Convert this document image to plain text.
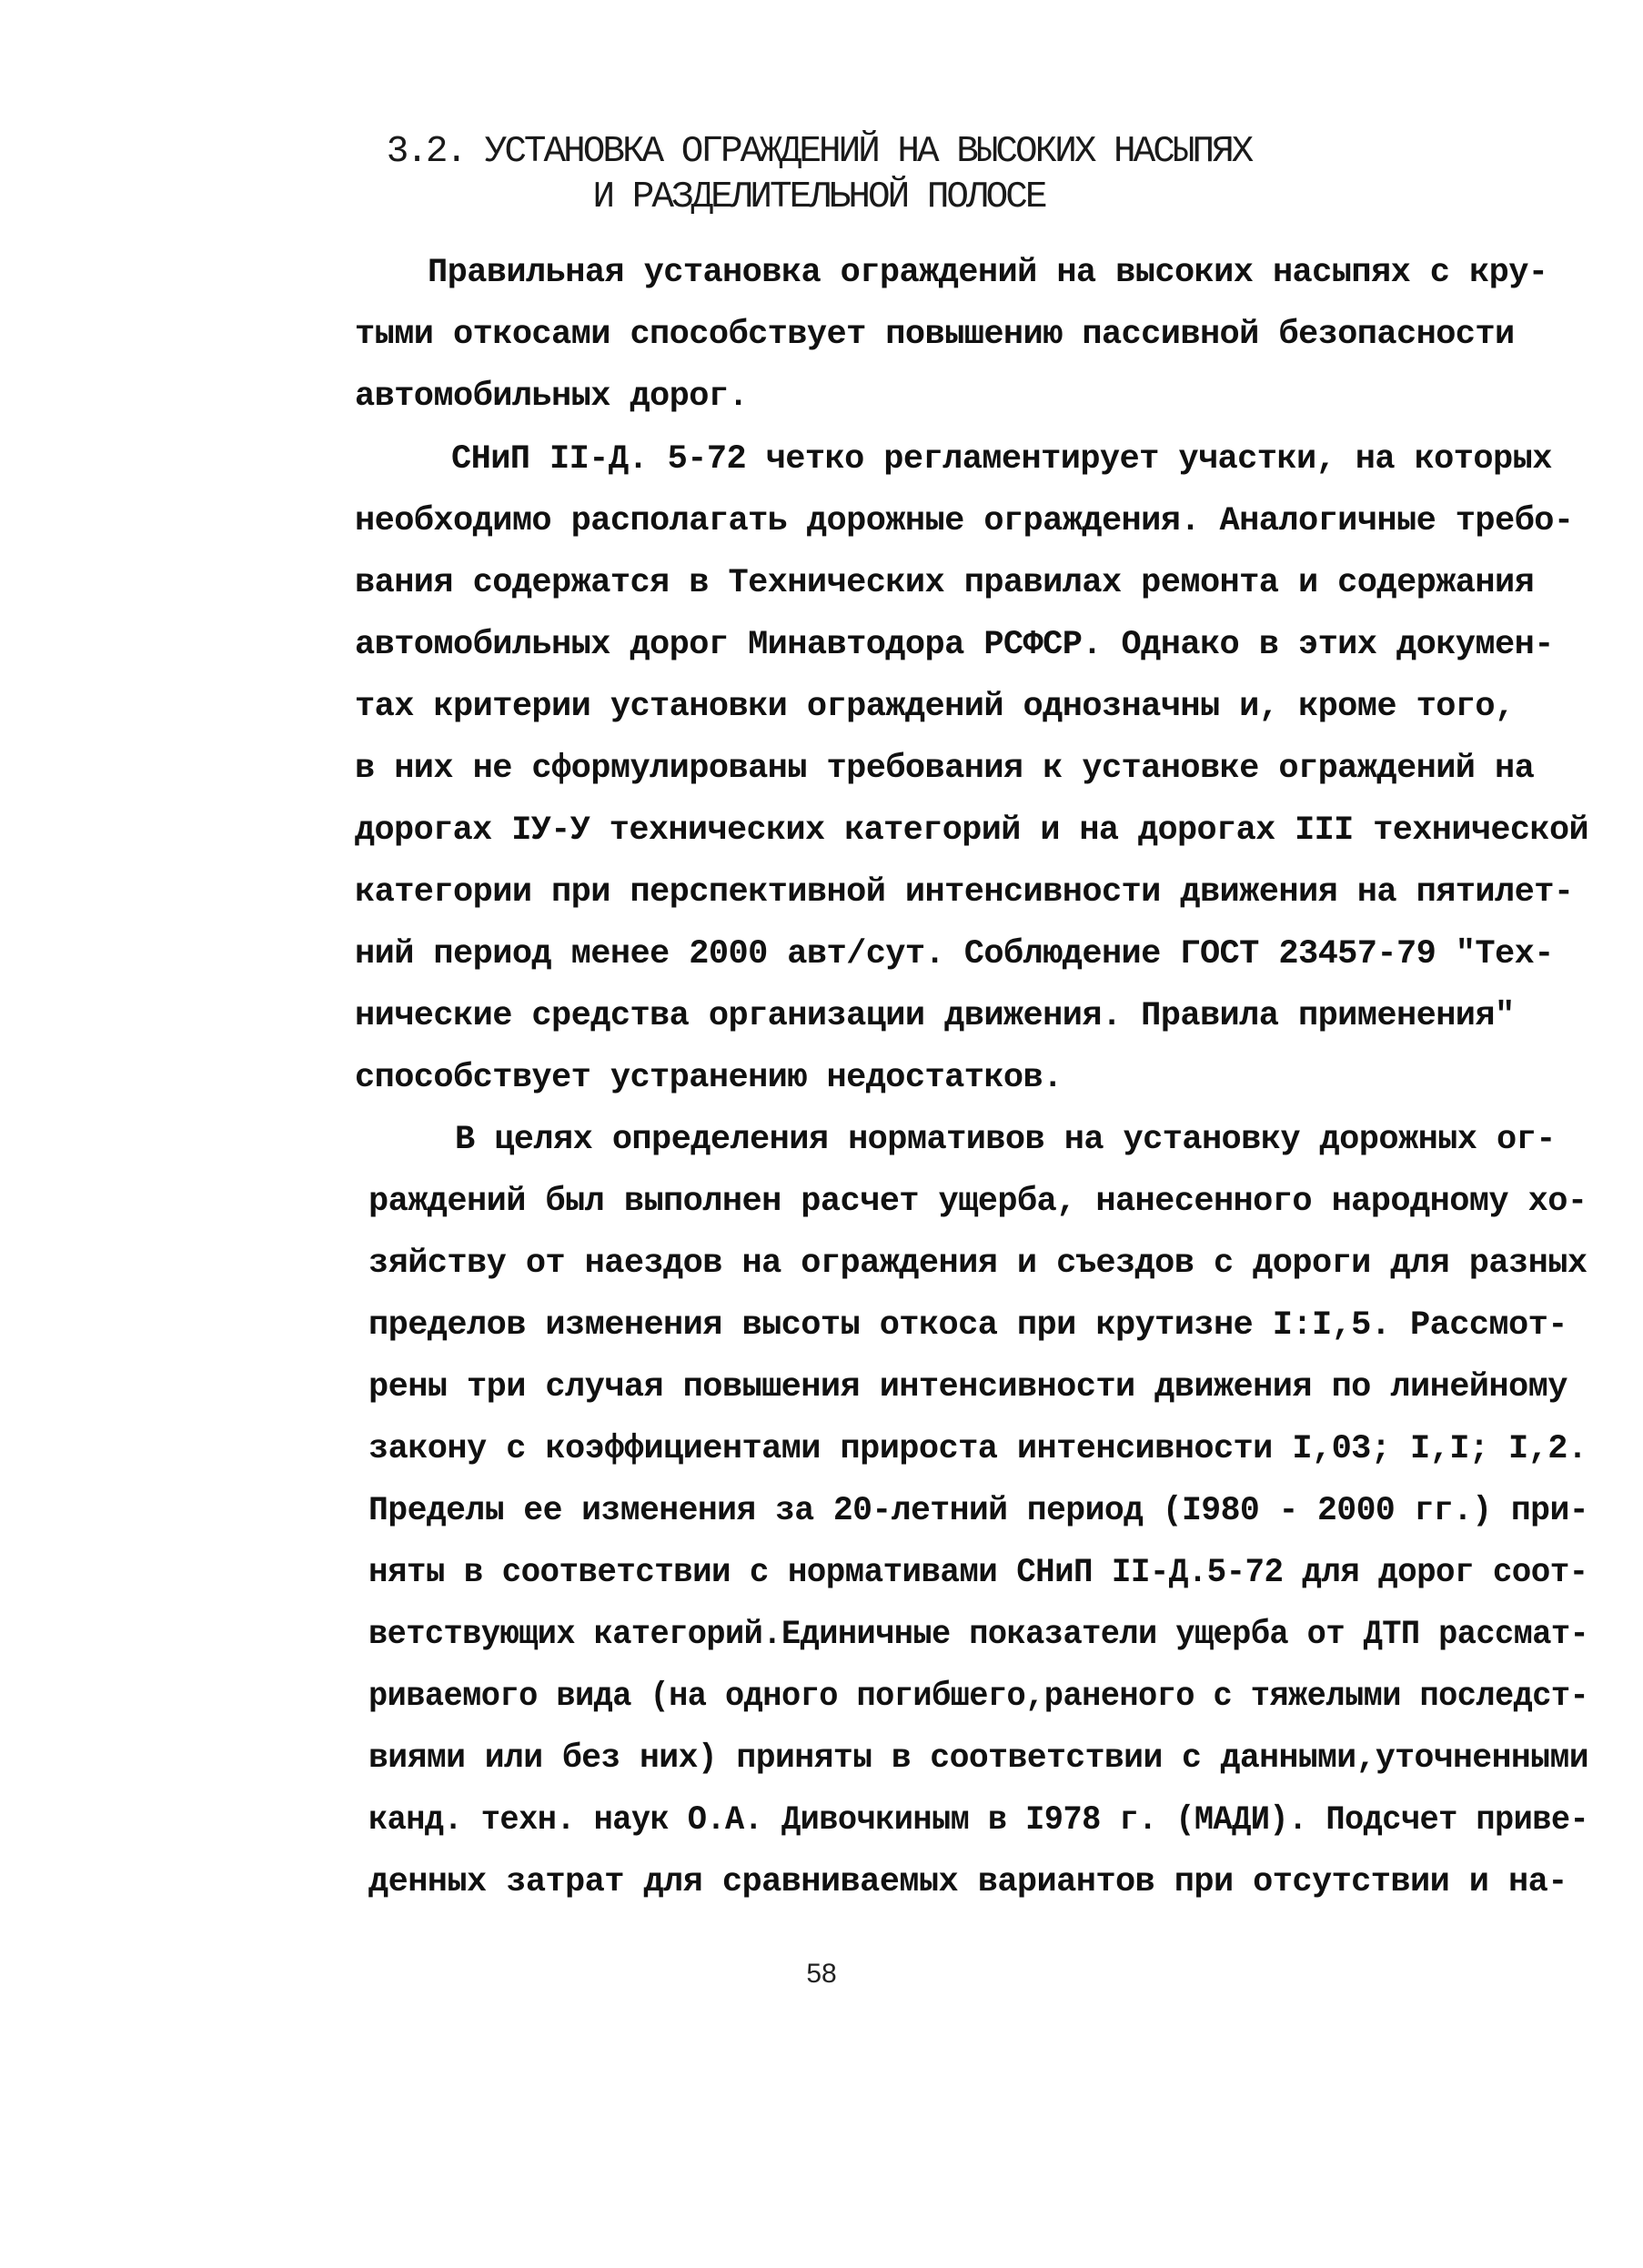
3.2. УСТАНОВКА ОГРАЖДЕНИЙ НА ВЫСОКИХ НАСЫПЯХ
И РАЗДЕЛИТЕЛЬНОЙ ПОЛОСЕ

Правильная установка ограждений на высоких насыпях с кру-

тыми откосами способствует повышению пассивной безопасности

автомобильных дорог.

СНиП II-Д. 5-72 четко регламентирует участки, на которых

необходимо располагать дорожные ограждения. Аналогичные требо-

вания содержатся в Технических правилах ремонта и содержания

автомобильных дорог Минавтодора РСФСР. Однако в этих докумен-

тах критерии установки ограждений однозначны и, кроме того,

в них не сформулированы требования к установке ограждений на

дорогах IУ-У технических категорий и на дорогах III технической

категории при перспективной интенсивности движения на пятилет-

ний период менее 2000 авт/сут. Соблюдение ГОСТ 23457-79 "Тех-

нические средства организации движения. Правила применения"

способствует устранению недостатков.

В целях определения нормативов на установку дорожных ог-

раждений был выполнен расчет ущерба, нанесенного народному хо-

зяйству от наездов на ограждения и съездов с дороги для разных

пределов изменения высоты откоса при крутизне I:I,5. Рассмот-

рены три случая повышения интенсивности движения по линейному

закону с коэффициентами прироста интенсивности I,03; I,I; I,2.

Пределы ее изменения за 20-летний период (I980 - 2000 гг.) при-

няты в соответствии с нормативами СНиП II-Д.5-72 для дорог соот-

ветствующих категорий.Единичные показатели ущерба от ДТП рассмат-

риваемого вида (на одного погибшего,раненого с тяжелыми последст-

виями или без них) приняты в соответствии с данными,уточненными

канд. техн. наук О.А. Дивочкиным в I978 г. (МАДИ). Подсчет приве-

денных затрат для сравниваемых вариантов при отсутствии и на-

58
